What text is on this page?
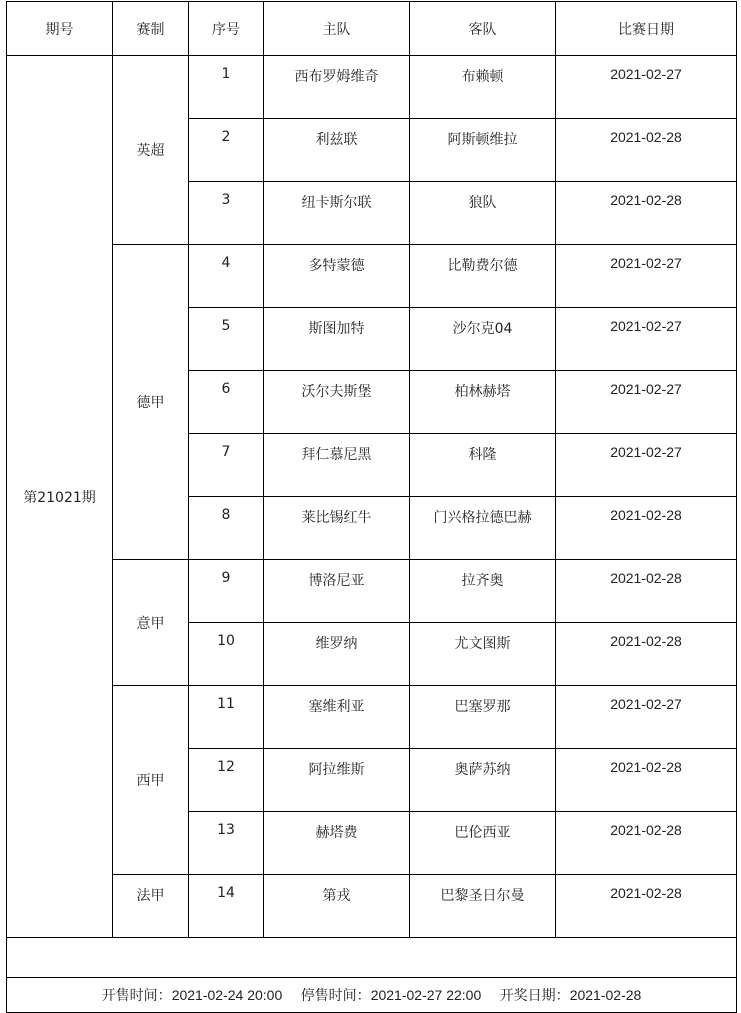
期号	赛制	序号	主队	客队	比赛日期
第21021期	英超	1	西布罗姆维奇	布赖顿	2021-02-27
		2	利兹联	阿斯顿维拉	2021-02-28
		3	纽卡斯尔联	狼队	2021-02-28
	德甲	4	多特蒙德	比勒费尔德	2021-02-27
		5	斯图加特	沙尔克04	2021-02-27
		6	沃尔夫斯堡	柏林赫塔	2021-02-27
		7	拜仁慕尼黑	科隆	2021-02-27
		8	莱比锡红牛	门兴格拉德巴赫	2021-02-28
	意甲	9	博洛尼亚	拉齐奥	2021-02-28
		10	维罗纳	尤文图斯	2021-02-28
	西甲	11	塞维利亚	巴塞罗那	2021-02-27
		12	阿拉维斯	奥萨苏纳	2021-02-28
		13	赫塔费	巴伦西亚	2021-02-28
	法甲	14	第戎	巴黎圣日尔曼	2021-02-28

开售时间：2021-02-24 20:00 停售时间：2021-02-27 22:00 开奖日期：2021-02-28					
